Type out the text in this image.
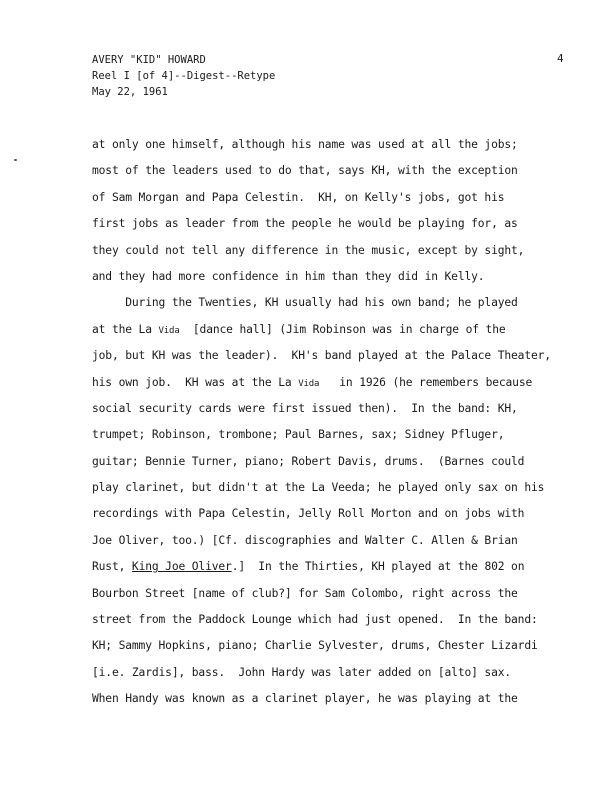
AVERY "KID" HOWARD
Reel I [of 4]--Digest--Retype
May 22, 1961
4
at only one himself, although his name was used at all the jobs;
most of the leaders used to do that, says KH, with the exception
of Sam Morgan and Papa Celestin.  KH, on Kelly's jobs, got his
first jobs as leader from the people he would be playing for, as
they could not tell any difference in the music, except by sight,
and they had more confidence in him than they did in Kelly.
During the Twenties, KH usually had his own band; he played
at the La Vida  [dance hall] (Jim Robinson was in charge of the
job, but KH was the leader).  KH's band played at the Palace Theater,
his own job.  KH was at the La Vida   in 1926 (he remembers because
social security cards were first issued then).  In the band: KH,
trumpet; Robinson, trombone; Paul Barnes, sax; Sidney Pfluger,
guitar; Bennie Turner, piano; Robert Davis, drums.  (Barnes could
play clarinet, but didn't at the La Veeda; he played only sax on his
recordings with Papa Celestin, Jelly Roll Morton and on jobs with
Joe Oliver, too.) [Cf. discographies and Walter C. Allen & Brian
Rust, King Joe Oliver.]  In the Thirties, KH played at the 802 on
Bourbon Street [name of club?] for Sam Colombo, right across the
street from the Paddock Lounge which had just opened.  In the band:
KH; Sammy Hopkins, piano; Charlie Sylvester, drums, Chester Lizardi
[i.e. Zardis], bass.  John Hardy was later added on [alto] sax.
When Handy was known as a clarinet player, he was playing at the
